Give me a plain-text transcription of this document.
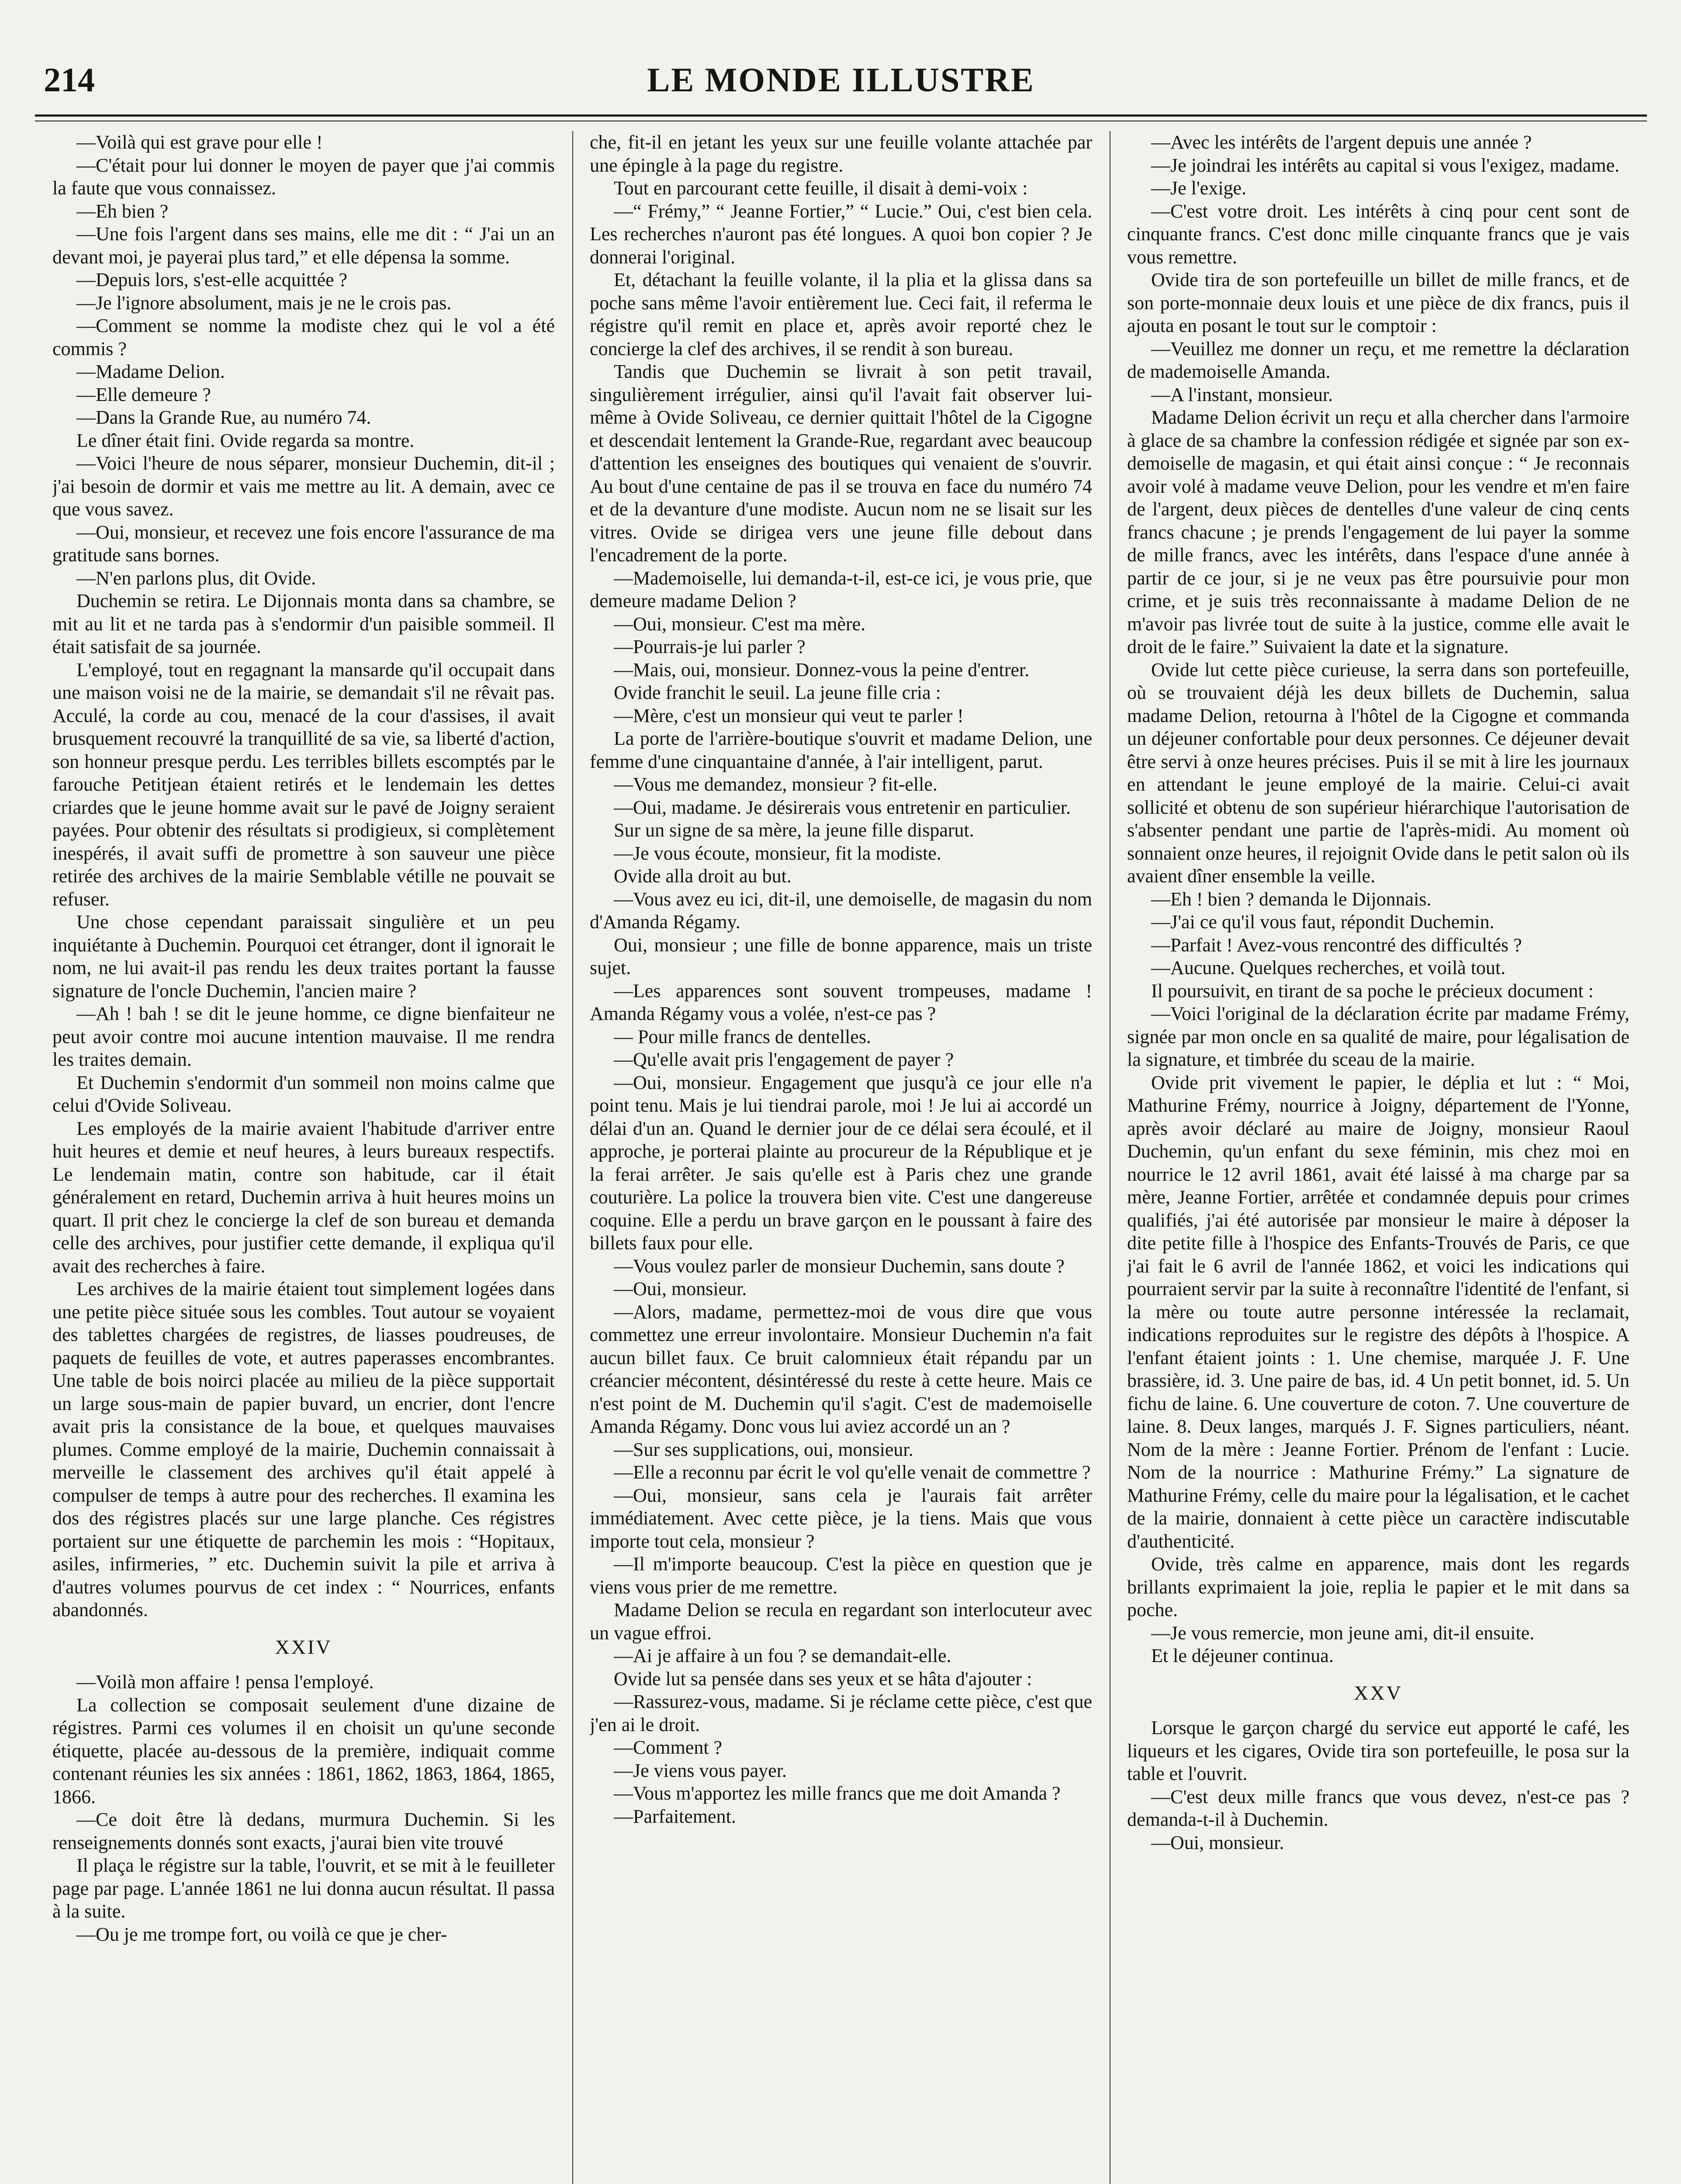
214	LE MONDE ILLUSTRE

—Voilà qui est grave pour elle !

—C'était pour lui donner le moyen de payer que j'ai commis la faute que vous connaissez.

—Eh bien ?

—Une fois l'argent dans ses mains, elle me dit : “ J'ai un an devant moi, je payerai plus tard,” et elle dépensa la somme.

—Depuis lors, s'est-elle acquittée ?

—Je l'ignore absolument, mais je ne le crois pas.

—Comment se nomme la modiste chez qui le vol a été commis ?

—Madame Delion.

—Elle demeure ?

—Dans la Grande Rue, au numéro 74.

Le dîner était fini. Ovide regarda sa montre.

—Voici l'heure de nous séparer, monsieur Duchemin, dit-il ; j'ai besoin de dormir et vais me mettre au lit. A demain, avec ce que vous savez.

—Oui, monsieur, et recevez une fois encore l'assurance de ma gratitude sans bornes.

—N'en parlons plus, dit Ovide.

Duchemin se retira. Le Dijonnais monta dans sa chambre, se mit au lit et ne tarda pas à s'endormir d'un paisible sommeil. Il était satisfait de sa journée.

L'employé, tout en regagnant la mansarde qu'il occupait dans une maison voisi ne de la mairie, se demandait s'il ne rêvait pas. Acculé, la corde au cou, menacé de la cour d'assises, il avait brusquement recouvré la tranquillité de sa vie, sa liberté d'action, son honneur presque perdu. Les terribles billets escomptés par le farouche Petitjean étaient retirés et le lendemain les dettes criardes que le jeune homme avait sur le pavé de Joigny seraient payées. Pour obtenir des résultats si prodigieux, si complètement inespérés, il avait suffi de promettre à son sauveur une pièce retirée des archives de la mairie Semblable vétille ne pouvait se refuser.

Une chose cependant paraissait singulière et un peu inquiétante à Duchemin. Pourquoi cet étranger, dont il ignorait le nom, ne lui avait-il pas rendu les deux traites portant la fausse signature de l'oncle Duchemin, l'ancien maire ?

—Ah ! bah ! se dit le jeune homme, ce digne bienfaiteur ne peut avoir contre moi aucune intention mauvaise. Il me rendra les traites demain.

Et Duchemin s'endormit d'un sommeil non moins calme que celui d'Ovide Soliveau.

Les employés de la mairie avaient l'habitude d'arriver entre huit heures et demie et neuf heures, à leurs bureaux respectifs. Le lendemain matin, contre son habitude, car il était généralement en retard, Duchemin arriva à huit heures moins un quart. Il prit chez le concierge la clef de son bureau et demanda celle des archives, pour justifier cette demande, il expliqua qu'il avait des recherches à faire.

Les archives de la mairie étaient tout simplement logées dans une petite pièce située sous les combles. Tout autour se voyaient des tablettes chargées de registres, de liasses poudreuses, de paquets de feuilles de vote, et autres paperasses encombrantes. Une table de bois noirci placée au milieu de la pièce supportait un large sous-main de papier buvard, un encrier, dont l'encre avait pris la consistance de la boue, et quelques mauvaises plumes. Comme employé de la mairie, Duchemin connaissait à merveille le classement des archives qu'il était appelé à compulser de temps à autre pour des recherches. Il examina les dos des régistres placés sur une large planche. Ces régistres portaient sur une étiquette de parchemin les mois : “Hopitaux, asiles, infirmeries, ” etc. Duchemin suivit la pile et arriva à d'autres volumes pourvus de cet index : “ Nourrices, enfants abandonnés.

XXIV

—Voilà mon affaire ! pensa l'employé.

La collection se composait seulement d'une dizaine de régistres. Parmi ces volumes il en choisit un qu'une seconde étiquette, placée au-dessous de la première, indiquait comme contenant réunies les six années : 1861, 1862, 1863, 1864, 1865, 1866.

—Ce doit être là dedans, murmura Duchemin. Si les renseignements donnés sont exacts, j'aurai bien vite trouvé

Il plaça le régistre sur la table, l'ouvrit, et se mit à le feuilleter page par page. L'année 1861 ne lui donna aucun résultat. Il passa à la suite.

—Ou je me trompe fort, ou voilà ce que je cher-

che, fit-il en jetant les yeux sur une feuille volante attachée par une épingle à la page du registre.

Tout en parcourant cette feuille, il disait à demi-voix :

—“ Frémy,” “ Jeanne Fortier,” “ Lucie.” Oui, c'est bien cela. Les recherches n'auront pas été longues. A quoi bon copier ? Je donnerai l'original.

Et, détachant la feuille volante, il la plia et la glissa dans sa poche sans même l'avoir entièrement lue. Ceci fait, il referma le régistre qu'il remit en place et, après avoir reporté chez le concierge la clef des archives, il se rendit à son bureau.

Tandis que Duchemin se livrait à son petit travail, singulièrement irrégulier, ainsi qu'il l'avait fait observer lui-même à Ovide Soliveau, ce dernier quittait l'hôtel de la Cigogne et descendait lentement la Grande-Rue, regardant avec beaucoup d'attention les enseignes des boutiques qui venaient de s'ouvrir. Au bout d'une centaine de pas il se trouva en face du numéro 74 et de la devanture d'une modiste. Aucun nom ne se lisait sur les vitres. Ovide se dirigea vers une jeune fille debout dans l'encadrement de la porte.

—Mademoiselle, lui demanda-t-il, est-ce ici, je vous prie, que demeure madame Delion ?

—Oui, monsieur. C'est ma mère.

—Pourrais-je lui parler ?

—Mais, oui, monsieur. Donnez-vous la peine d'entrer.

Ovide franchit le seuil. La jeune fille cria :

—Mère, c'est un monsieur qui veut te parler !

La porte de l'arrière-boutique s'ouvrit et madame Delion, une femme d'une cinquantaine d'année, à l'air intelligent, parut.

—Vous me demandez, monsieur ? fit-elle.

—Oui, madame. Je désirerais vous entretenir en particulier.

Sur un signe de sa mère, la jeune fille disparut.

—Je vous écoute, monsieur, fit la modiste.

Ovide alla droit au but.

—Vous avez eu ici, dit-il, une demoiselle, de magasin du nom d'Amanda Régamy.

Oui, monsieur ; une fille de bonne apparence, mais un triste sujet.

—Les apparences sont souvent trompeuses, madame ! Amanda Régamy vous a volée, n'est-ce pas ?

— Pour mille francs de dentelles.

—Qu'elle avait pris l'engagement de payer ?

—Oui, monsieur. Engagement que jusqu'à ce jour elle n'a point tenu. Mais je lui tiendrai parole, moi ! Je lui ai accordé un délai d'un an. Quand le dernier jour de ce délai sera écoulé, et il approche, je porterai plainte au procureur de la République et je la ferai arrêter. Je sais qu'elle est à Paris chez une grande couturière. La police la trouvera bien vite. C'est une dangereuse coquine. Elle a perdu un brave garçon en le poussant à faire des billets faux pour elle.

—Vous voulez parler de monsieur Duchemin, sans doute ?

—Oui, monsieur.

—Alors, madame, permettez-moi de vous dire que vous commettez une erreur involontaire. Monsieur Duchemin n'a fait aucun billet faux. Ce bruit calomnieux était répandu par un créancier mécontent, désintéressé du reste à cette heure. Mais ce n'est point de M. Duchemin qu'il s'agit. C'est de mademoiselle Amanda Régamy. Donc vous lui aviez accordé un an ?

—Sur ses supplications, oui, monsieur.

—Elle a reconnu par écrit le vol qu'elle venait de commettre ?

—Oui, monsieur, sans cela je l'aurais fait arrêter immédiatement. Avec cette pièce, je la tiens. Mais que vous importe tout cela, monsieur ?

—Il m'importe beaucoup. C'est la pièce en question que je viens vous prier de me remettre.

Madame Delion se recula en regardant son interlocuteur avec un vague effroi.

—Ai je affaire à un fou ? se demandait-elle.

Ovide lut sa pensée dans ses yeux et se hâta d'ajouter :

—Rassurez-vous, madame. Si je réclame cette pièce, c'est que j'en ai le droit.

—Comment ?

—Je viens vous payer.

—Vous m'apportez les mille francs que me doit Amanda ?

—Parfaitement.

—Avec les intérêts de l'argent depuis une année ?

—Je joindrai les intérêts au capital si vous l'exigez, madame.

—Je l'exige.

—C'est votre droit. Les intérêts à cinq pour cent sont de cinquante francs. C'est donc mille cinquante francs que je vais vous remettre.

Ovide tira de son portefeuille un billet de mille francs, et de son porte-monnaie deux louis et une pièce de dix francs, puis il ajouta en posant le tout sur le comptoir :

—Veuillez me donner un reçu, et me remettre la déclaration de mademoiselle Amanda.

—A l'instant, monsieur.

Madame Delion écrivit un reçu et alla chercher dans l'armoire à glace de sa chambre la confession rédigée et signée par son ex-demoiselle de magasin, et qui était ainsi conçue : “ Je reconnais avoir volé à madame veuve Delion, pour les vendre et m'en faire de l'argent, deux pièces de dentelles d'une valeur de cinq cents francs chacune ; je prends l'engagement de lui payer la somme de mille francs, avec les intérêts, dans l'espace d'une année à partir de ce jour, si je ne veux pas être poursuivie pour mon crime, et je suis très reconnaissante à madame Delion de ne m'avoir pas livrée tout de suite à la justice, comme elle avait le droit de le faire.” Suivaient la date et la signature.

Ovide lut cette pièce curieuse, la serra dans son portefeuille, où se trouvaient déjà les deux billets de Duchemin, salua madame Delion, retourna à l'hôtel de la Cigogne et commanda un déjeuner confortable pour deux personnes. Ce déjeuner devait être servi à onze heures précises. Puis il se mit à lire les journaux en attendant le jeune employé de la mairie. Celui-ci avait sollicité et obtenu de son supérieur hiérarchique l'autorisation de s'absenter pendant une partie de l'après-midi. Au moment où sonnaient onze heures, il rejoignit Ovide dans le petit salon où ils avaient dîner ensemble la veille.

—Eh ! bien ? demanda le Dijonnais.

—J'ai ce qu'il vous faut, répondit Duchemin.

—Parfait ! Avez-vous rencontré des difficultés ?

—Aucune. Quelques recherches, et voilà tout.

Il poursuivit, en tirant de sa poche le précieux document :

—Voici l'original de la déclaration écrite par madame Frémy, signée par mon oncle en sa qualité de maire, pour légalisation de la signature, et timbrée du sceau de la mairie.

Ovide prit vivement le papier, le déplia et lut : “ Moi, Mathurine Frémy, nourrice à Joigny, département de l'Yonne, après avoir déclaré au maire de Joigny, monsieur Raoul Duchemin, qu'un enfant du sexe féminin, mis chez moi en nourrice le 12 avril 1861, avait été laissé à ma charge par sa mère, Jeanne Fortier, arrêtée et condamnée depuis pour crimes qualifiés, j'ai été autorisée par monsieur le maire à déposer la dite petite fille à l'hospice des Enfants-Trouvés de Paris, ce que j'ai fait le 6 avril de l'année 1862, et voici les indications qui pourraient servir par la suite à reconnaître l'identité de l'enfant, si la mère ou toute autre personne intéressée la reclamait, indications reproduites sur le registre des dépôts à l'hospice. A l'enfant étaient joints : 1. Une chemise, marquée J. F. Une brassière, id. 3. Une paire de bas, id. 4 Un petit bonnet, id. 5. Un fichu de laine. 6. Une couverture de coton. 7. Une couverture de laine. 8. Deux langes, marqués J. F. Signes particuliers, néant. Nom de la mère : Jeanne Fortier. Prénom de l'enfant : Lucie. Nom de la nourrice : Mathurine Frémy.” La signature de Mathurine Frémy, celle du maire pour la légalisation, et le cachet de la mairie, donnaient à cette pièce un caractère indiscutable d'authenticité.

Ovide, très calme en apparence, mais dont les regards brillants exprimaient la joie, replia le papier et le mit dans sa poche.

—Je vous remercie, mon jeune ami, dit-il ensuite.

Et le déjeuner continua.

XXV

Lorsque le garçon chargé du service eut apporté le café, les liqueurs et les cigares, Ovide tira son portefeuille, le posa sur la table et l'ouvrit.

—C'est deux mille francs que vous devez, n'est-ce pas ? demanda-t-il à Duchemin.

—Oui, monsieur.
